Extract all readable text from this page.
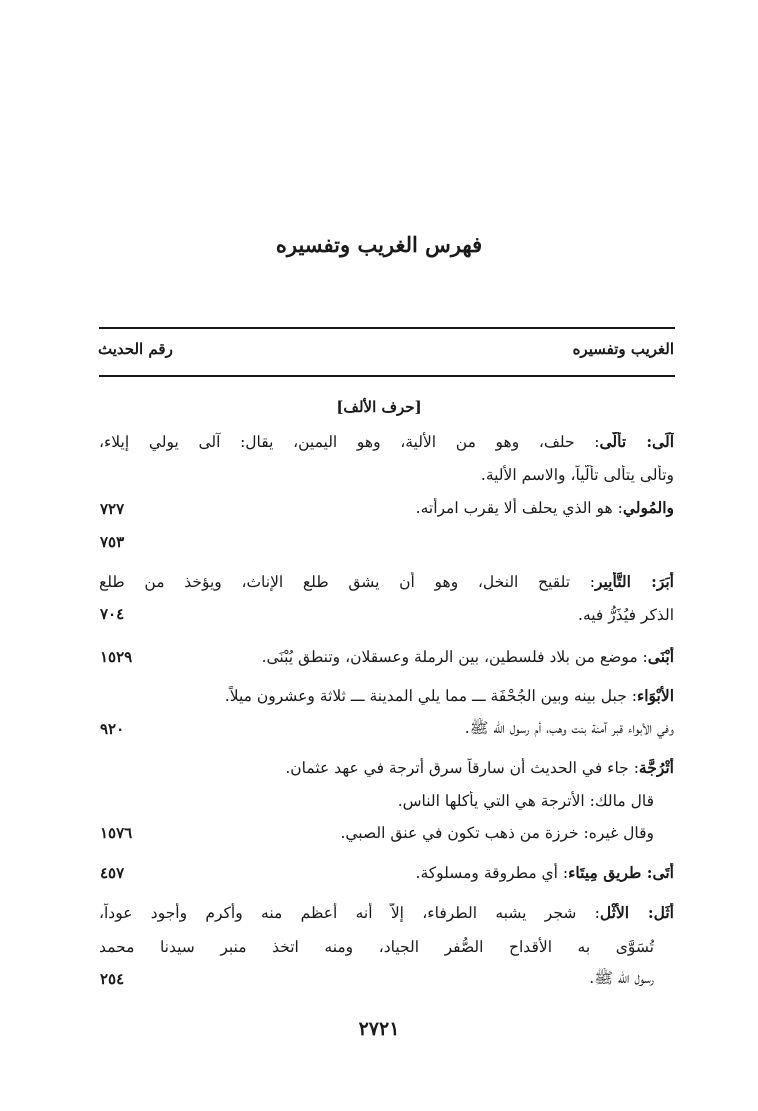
فهرس الغريب وتفسيره
الغريب وتفسيره
رقم الحديث
[حرف الألف]
آلَى: تألّى: حلف، وهو من الألية، وهو اليمين، يقال: آلى يولي إيلاء،
وتألى يتألى تألّياً، والاسم الألية.
والمُولي: هو الذي يحلف ألا يقرب امرأته.
٧٢٧
٧٥٣
أَبَرَ: التَّأْبِير: تلقيح النخل، وهو أن يشق طلع الإناث، ويؤخذ من طلع
الذكر فيُذَرُّ فيه.
٧٠٤
أُبْنَى: موضع من بلاد فلسطين، بين الرملة وعسقلان، وتنطق يُبْنَى.
١٥٢٩
الأَبْوَاء: جبل بينه وبين الجُحْفَة ـــ مما يلي المدينة ـــ ثلاثة وعشرون ميلاً.
وفي الأبواء قبر آمنة بنت وهب، أم رسول الله ﷺ.
٩٢٠
أُتْرُجَّة: جاء في الحديث أن سارقاً سرق أترجة في عهد عثمان.
قال مالك: الأترجة هي التي يأكلها الناس.
وقال غيره: خرزة من ذهب تكون في عنق الصبي.
١٥٧٦
أَتَى: طريق مِيتَاء: أي مطروقة ومسلوكة.
٤٥٧
أَثَل: الأَثْل: شجر يشبه الطرفاء، إلاّ أنه أعظم منه وأكرم وأجود عوداً،
تُسَوَّى به الأقداح الصُّفر الجياد، ومنه اتخذ منبر سيدنا محمد
رسول الله ﷺ.
٢٥٤
٢٧٢١
